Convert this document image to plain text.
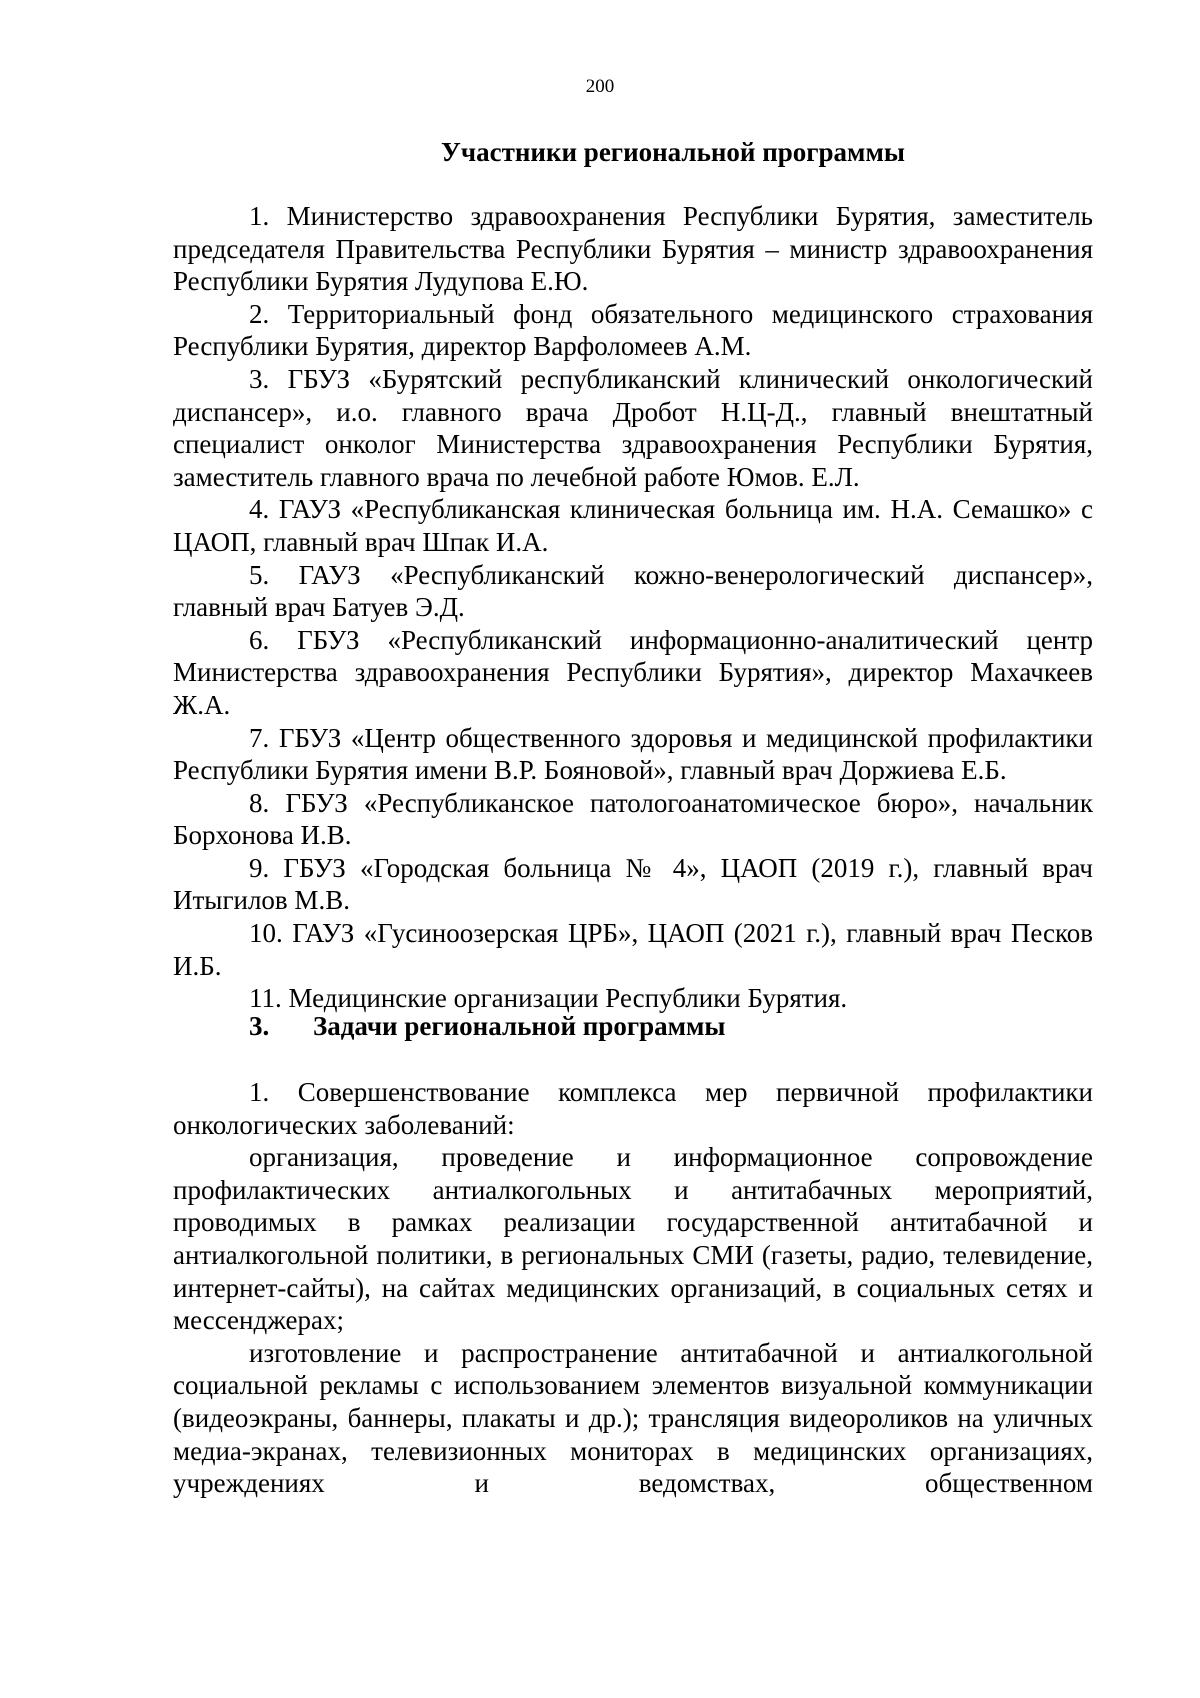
200
Участники региональной программы

1. Министерство здравоохранения Республики Бурятия, заместитель председателя Правительства Республики Бурятия – министр здравоохранения Республики Бурятия Лудупова Е.Ю.

2. Территориальный фонд обязательного медицинского страхования Республики Бурятия, директор Варфоломеев А.М.

3. ГБУЗ «Бурятский республиканский клинический онкологический диспансер», и.о. главного врача Дробот Н.Ц-Д., главный внештатный специалист онколог Министерства здравоохранения Республики Бурятия, заместитель главного врача по лечебной работе Юмов. Е.Л.

4. ГАУЗ «Республиканская клиническая больница им. Н.А. Семашко» с ЦАОП, главный врач Шпак И.А.

5. ГАУЗ «Республиканский кожно-венерологический диспансер», главный врач Батуев Э.Д.

6. ГБУЗ «Республиканский информационно-аналитический центр Министерства здравоохранения Республики Бурятия», директор Махачкеев Ж.А.

7. ГБУЗ «Центр общественного здоровья и медицинской профилактики Республики Бурятия имени В.Р. Бояновой», главный врач Доржиева Е.Б.

8. ГБУЗ «Республиканское патологоанатомическое бюро», начальник Борхонова И.В.

9. ГБУЗ «Городская больница № 4», ЦАОП (2019 г.), главный врач Итыгилов М.В.

10. ГАУЗ «Гусиноозерская ЦРБ», ЦАОП (2021 г.), главный врач Песков И.Б.

11. Медицинские организации Республики Бурятия.

3.	Задачи региональной программы

1. Совершенствование комплекса мер первичной профилактики онкологических заболеваний:

организация, проведение и информационное сопровождение профилактических антиалкогольных и антитабачных мероприятий, проводимых в рамках реализации государственной антитабачной и антиалкогольной политики, в региональных СМИ (газеты, радио, телевидение, интернет-сайты), на сайтах медицинских организаций, в социальных сетях и мессенджерах;

изготовление и распространение антитабачной и антиалкогольной социальной рекламы с использованием элементов визуальной коммуникации (видеоэкраны, баннеры, плакаты и др.); трансляция видеороликов на уличных медиа-экранах, телевизионных мониторах в медицинских организациях, учреждениях и ведомствах, общественном
